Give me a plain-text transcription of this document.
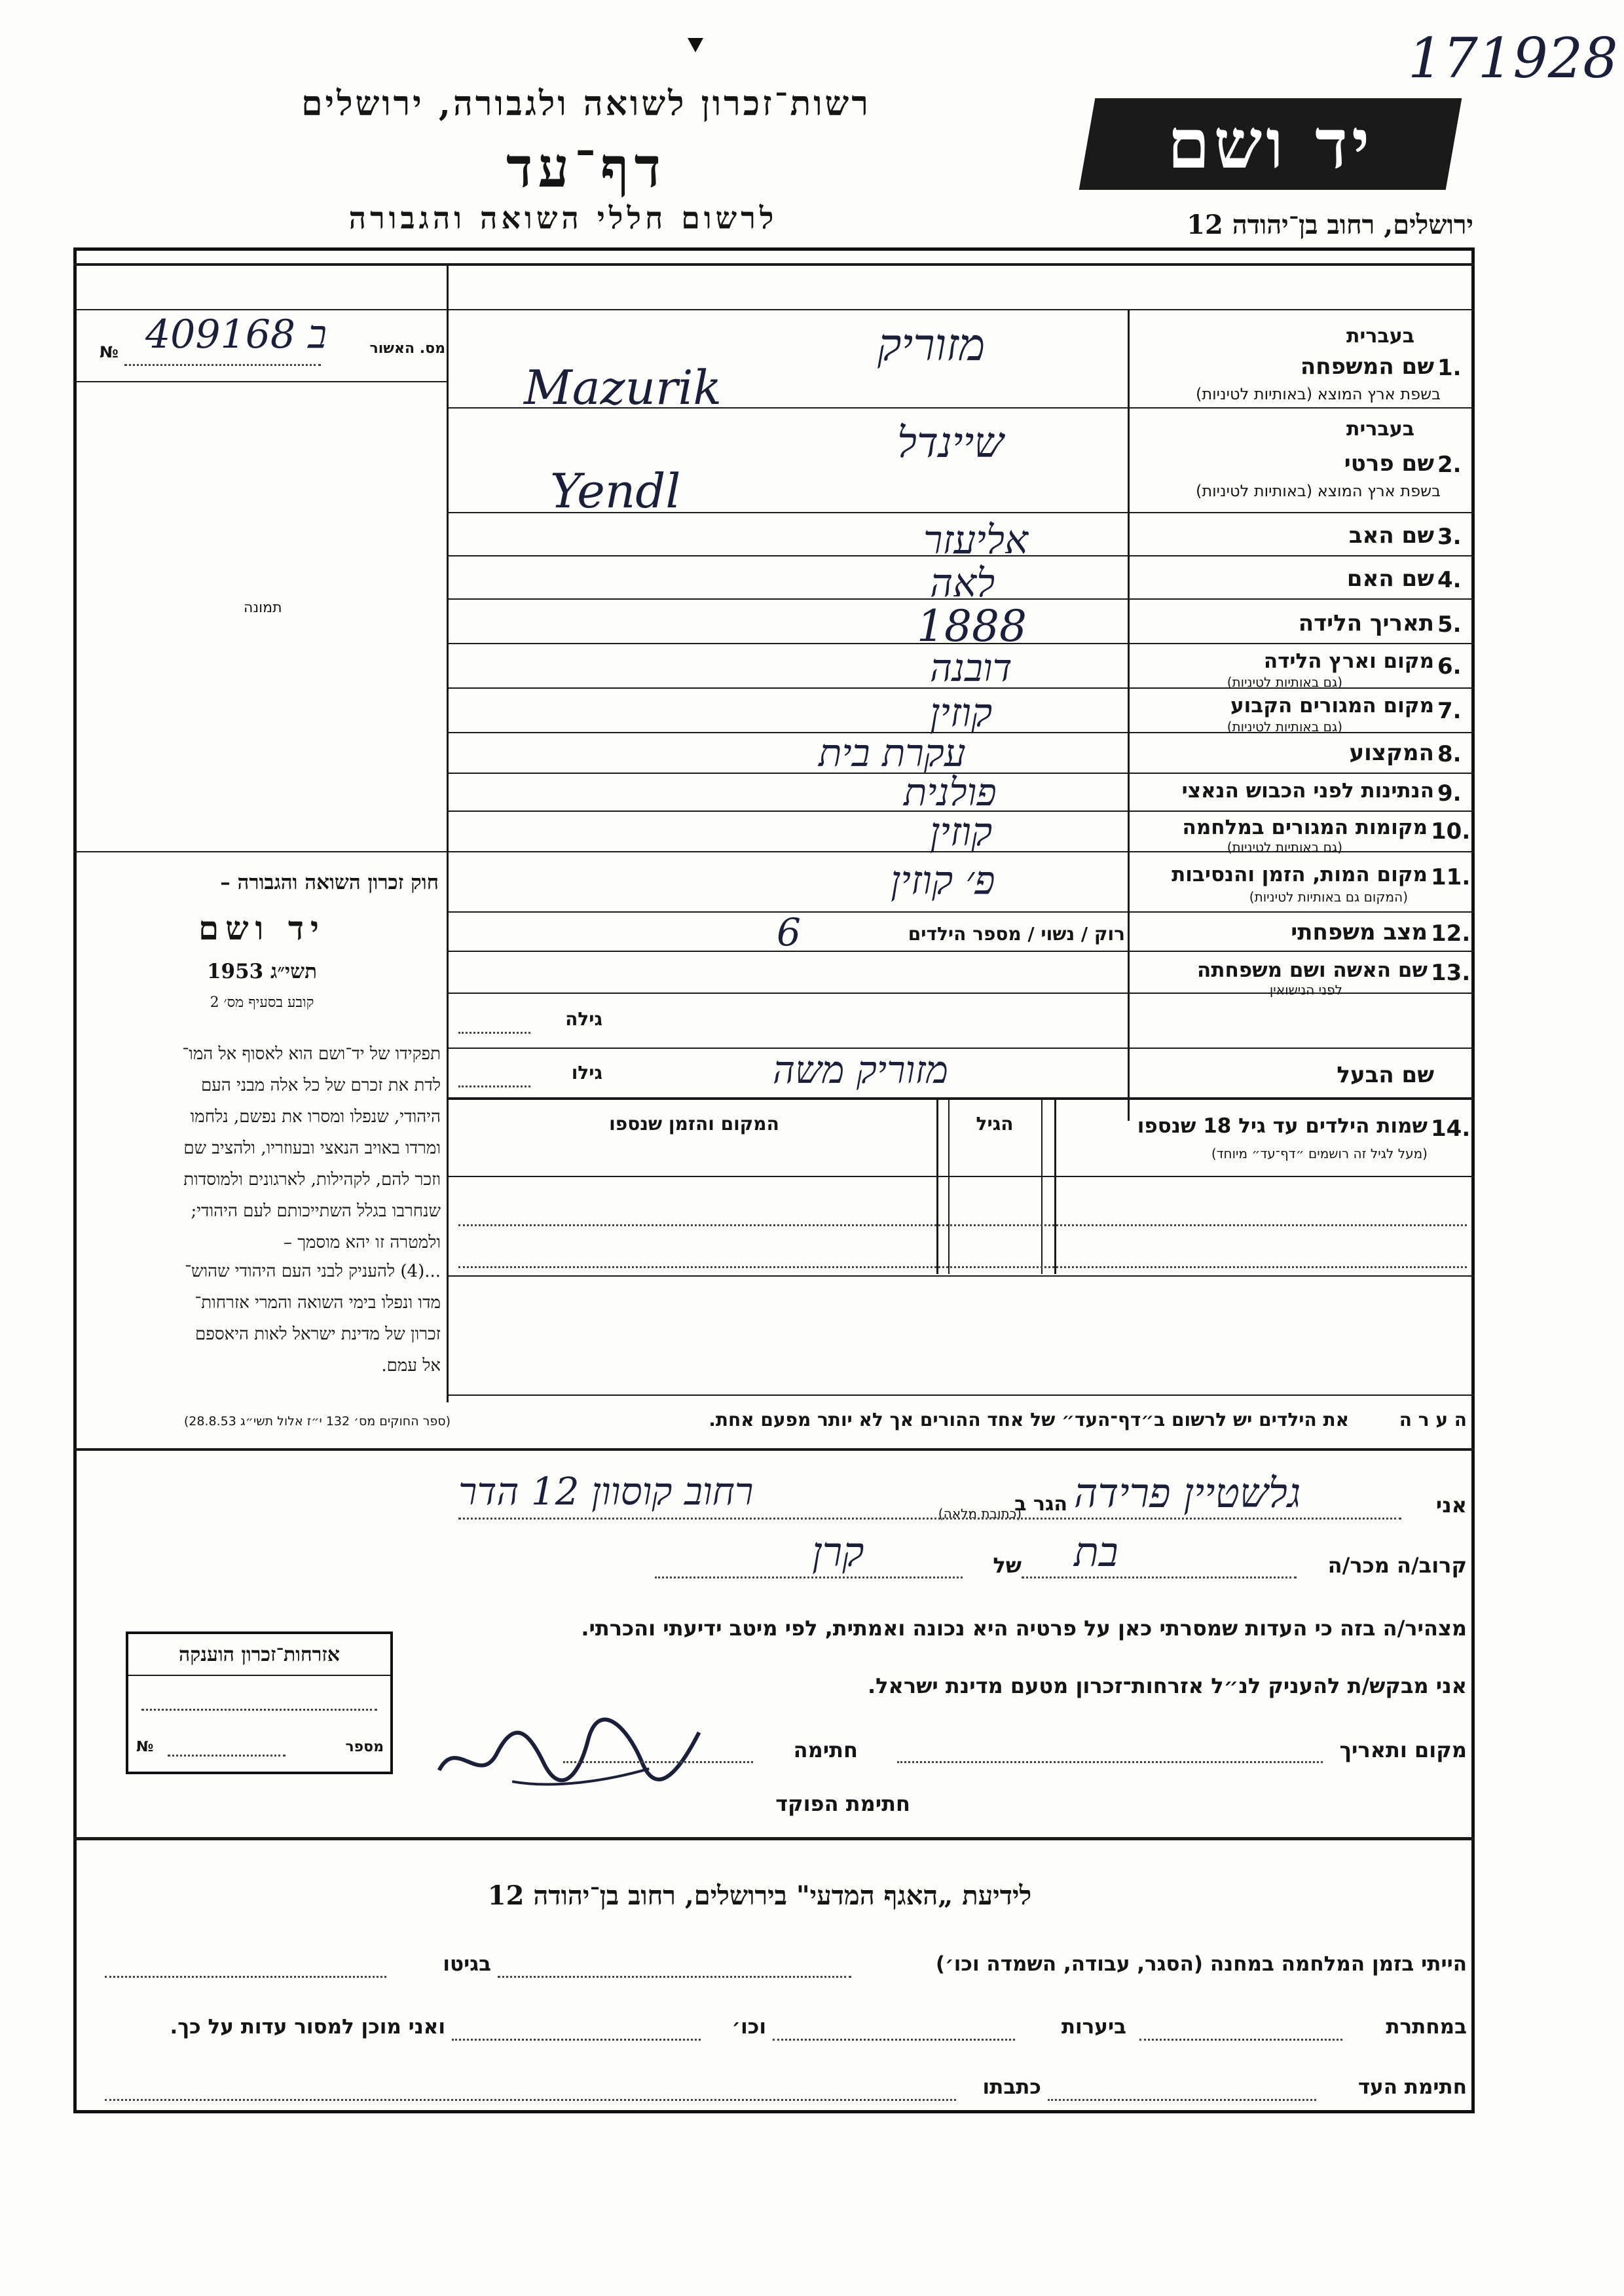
171928
יד ושם
רשות־זכרון לשואה ולגבורה, ירושלים
דף־עד
לרשום חללי השואה והגבורה	ירושלים, רחוב בן־יהודה 12
מס. האשור
№ 409168 ב
תמונה
חוק זכרון השואה והגבורה –
יד ושם
תשי״ג 1953
קובע בסעיף מס׳ 2
תפקידו של יד־ושם הוא לאסוף אל המו־
לדת את זכרם של כל אלה מבני העם
היהודי, שנפלו ומסרו את נפשם, נלחמו
ומרדו באויב הנאצי ובעוזריו, ולהציב שם
וזכר להם, לקהילות, לארגונים ולמוסדות
שנחרבו בגלל השתייכותם לעם היהודי;
ולמטרה זו יהא מוסמך –
...(4) להעניק לבני העם היהודי שהוש־
מדו ונפלו בימי השואה והמרי אזרחות־
זכרון של מדינת ישראל לאות היאספם
אל עמם.
(ספר החוקים מס׳ 132 י״ז אלול תשי״ג 28.8.53)
בעברית
1.
שם המשפחה
בשפת ארץ המוצא (באותיות לטיניות)
בעברית
2.
שם פרטי
בשפת ארץ המוצא (באותיות לטיניות)
3.
שם האב
4.
שם האם
5.
תאריך הלידה
6.
מקום וארץ הלידה
(גם באותיות לטיניות)
7.
מקום המגורים הקבוע
(גם באותיות לטיניות)
8.
המקצוע
9.
הנתינות לפני הכבוש הנאצי
10.
מקומות המגורים במלחמה
(גם באותיות לטיניות)
11.
מקום המות, הזמן והנסיבות
(המקום גם באותיות לטיניות)
12.
מצב משפחתי
רוק / נשוי / מספר הילדים
13.
שם האשה ושם משפחתה
לפני הנישואין
גילה
שם הבעל
גילו
14.
שמות הילדים עד גיל 18 שנספו
(מעל לגיל זה רושמים ״דף־עד״ מיוחד)
הגיל
המקום והזמן שנספו
ה ע ר ה
את הילדים יש לרשום ב״דף־העד״ של אחד ההורים אך לא יותר מפעם אחת.
מזוריק
Mazurik
שיינדל
Yendl
אליעזר
לאה
1888
דובנה
קוזין
עקרת בית
פולנית
קוזין
פ׳ קוזין
6
מזוריק משה
אני
גלשטיין פרידה
הגר ב
(כתובת מלאה)
רחוב קוסוון 12 הדר
קרוב/ה מכר/ה
בת
של
קרן
מצהיר/ה בזה כי העדות שמסרתי כאן על פרטיה היא נכונה ואמתית, לפי מיטב ידיעתי והכרתי.
אני מבקש/ת להעניק לנ״ל אזרחות־זכרון מטעם מדינת ישראל.
מקום ותאריך
חתימה
חתימת הפוקד
אזרחות־זכרון הוענקה
№	מספר
לידיעת „האגף המדעי" בירושלים, רחוב בן־יהודה 12
הייתי בזמן המלחמה במחנה (הסגר, עבודה, השמדה וכו׳)
בגיטו
במחתרת
ביערות
וכו׳
ואני מוכן למסור עדות על כך.
חתימת העד
כתבתו
